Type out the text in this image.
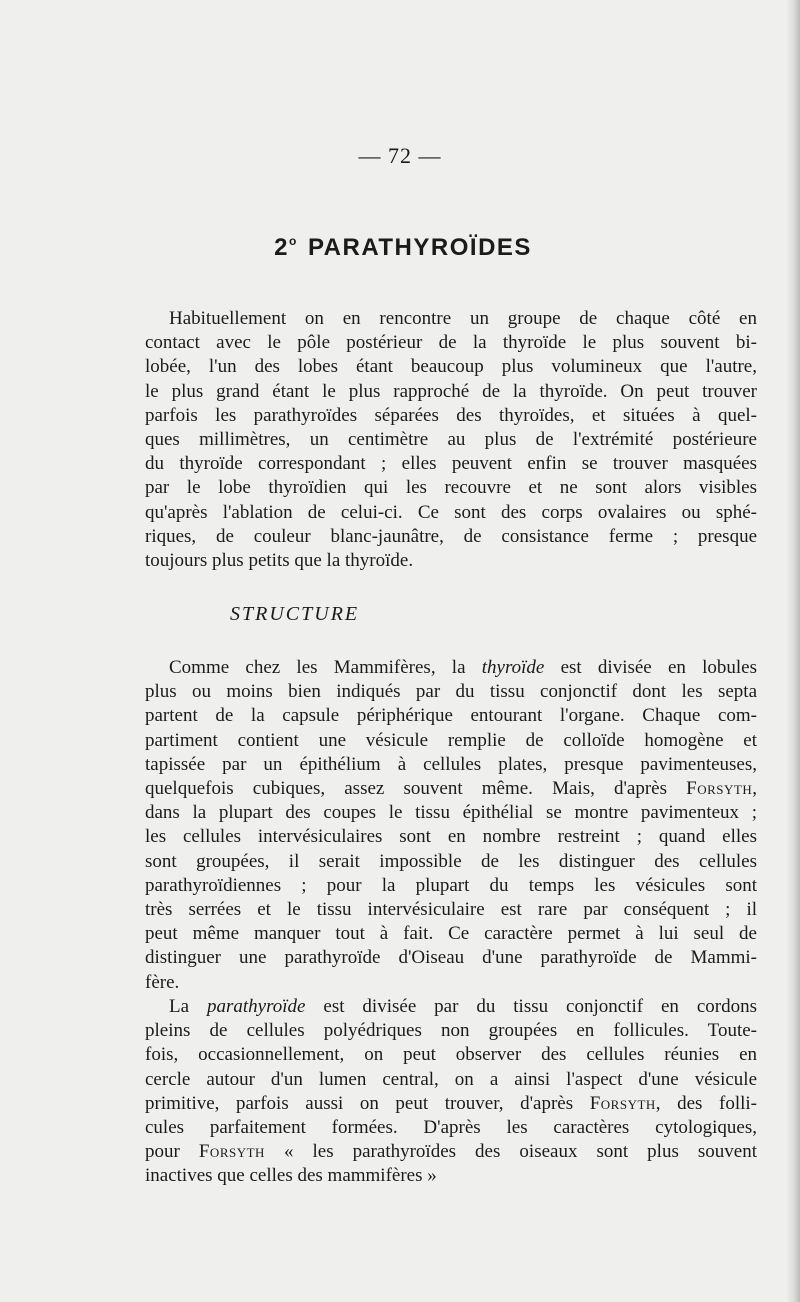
— 72 —
2$^o$ PARATHYROÏDES
Habituellement on en rencontre un groupe de chaque côté en
contact avec le pôle postérieur de la thyroïde le plus souvent bi-
lobée, l'un des lobes étant beaucoup plus volumineux que l'autre,
le plus grand étant le plus rapproché de la thyroïde. On peut trouver
parfois les parathyroïdes séparées des thyroïdes, et situées à quel-
ques millimètres, un centimètre au plus de l'extrémité postérieure
du thyroïde correspondant ; elles peuvent enfin se trouver masquées
par le lobe thyroïdien qui les recouvre et ne sont alors visibles
qu'après l'ablation de celui-ci. Ce sont des corps ovalaires ou sphé-
riques, de couleur blanc-jaunâtre, de consistance ferme ; presque
toujours plus petits que la thyroïde.
STRUCTURE
Comme chez les Mammifères, la thyroïde est divisée en lobules
plus ou moins bien indiqués par du tissu conjonctif dont les septa
partent de la capsule périphérique entourant l'organe. Chaque com-
partiment contient une vésicule remplie de colloïde homogène et
tapissée par un épithélium à cellules plates, presque pavimenteuses,
quelquefois cubiques, assez souvent même. Mais, d'après Forsyth,
dans la plupart des coupes le tissu épithélial se montre pavimenteux ;
les cellules intervésiculaires sont en nombre restreint ; quand elles
sont groupées, il serait impossible de les distinguer des cellules
parathyroïdiennes ; pour la plupart du temps les vésicules sont
très serrées et le tissu intervésiculaire est rare par conséquent ; il
peut même manquer tout à fait. Ce caractère permet à lui seul de
distinguer une parathyroïde d'Oiseau d'une parathyroïde de Mammi-
fère.
La parathyroïde est divisée par du tissu conjonctif en cordons
pleins de cellules polyédriques non groupées en follicules. Toute-
fois, occasionnellement, on peut observer des cellules réunies en
cercle autour d'un lumen central, on a ainsi l'aspect d'une vésicule
primitive, parfois aussi on peut trouver, d'après Forsyth, des folli-
cules parfaitement formées. D'après les caractères cytologiques,
pour Forsyth « les parathyroïdes des oiseaux sont plus souvent
inactives que celles des mammifères »
